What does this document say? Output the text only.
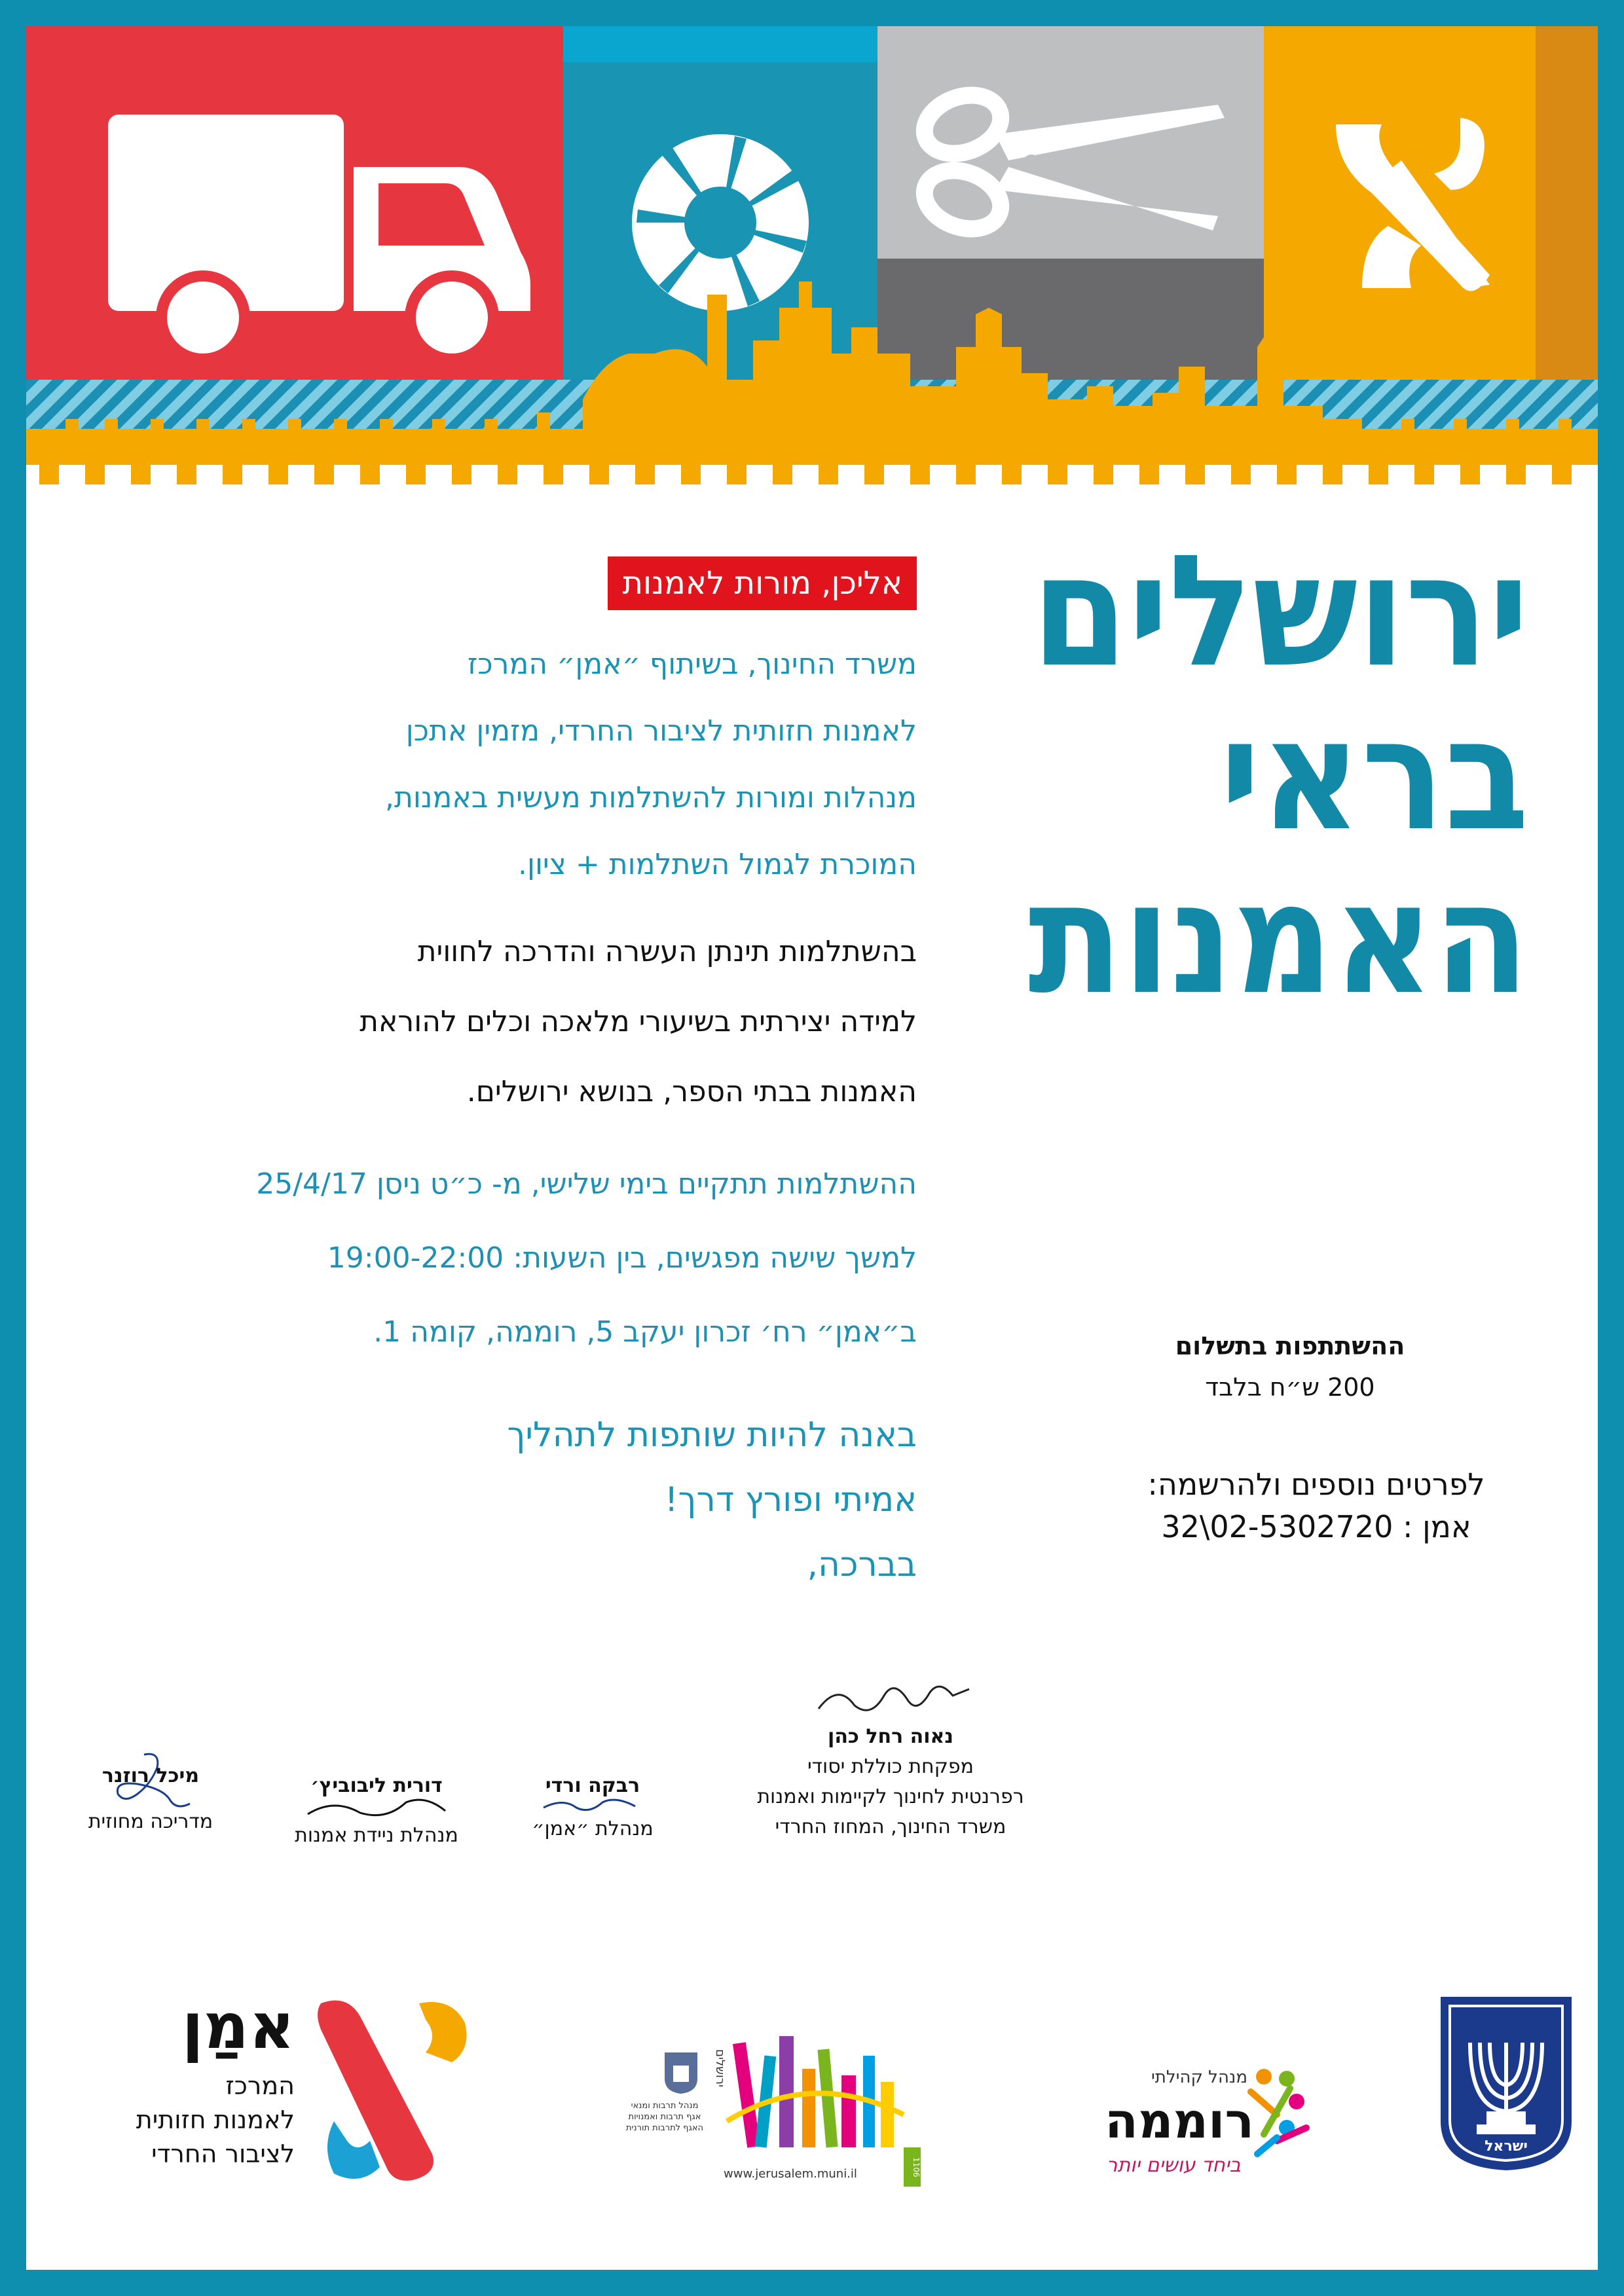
ירושלים
בראי
האמנות
אליכן, מורות לאמנות
משרד החינוך, בשיתוף ״אמן״ המרכז
לאמנות חזותית לציבור החרדי, מזמין אתכן
מנהלות ומורות להשתלמות מעשית באמנות,
המוכרת לגמול השתלמות + ציון.
בהשתלמות תינתן העשרה והדרכה לחווית
למידה יצירתית בשיעורי מלאכה וכלים להוראת
האמנות בבתי הספר, בנושא ירושלים.
ההשתלמות תתקיים בימי שלישי, מ- כ״ט ניסן 25/4/17
למשך שישה מפגשים, בין השעות: 19:00-22:00
ב״אמן״ רח׳ זכרון יעקב 5, רוממה, קומה 1.
באנה להיות שותפות לתהליך
אמיתי ופורץ דרך!
בברכה,
ההשתתפות בתשלום
200 ש״ח בלבד
לפרטים נוספים ולהרשמה:
אמן : 02-5302720\32
נאוה רחל כהן
מפקחת כוללת יסודי
רפרנטית לחינוך לקיימות ואמנות
משרד החינוך, המחוז החרדי
רבקה ורדי
מנהלת ״אמן״
דורית ליבוביץ׳
מנהלת ניידת אמנות
מיכל רוזנר
מדריכה מחוזית
ישראל
מנהל קהילתי
רוממה
ביחד עושים יותר
ירושלים
מנהל תרבות ומנאי
אגף תרבות ואמנויות
האגף לתרבות תורנית
www.jerusalem.muni.il	1106
אמ͏ַן
המרכז
לאמנות חזותית
לציבור החרדי
